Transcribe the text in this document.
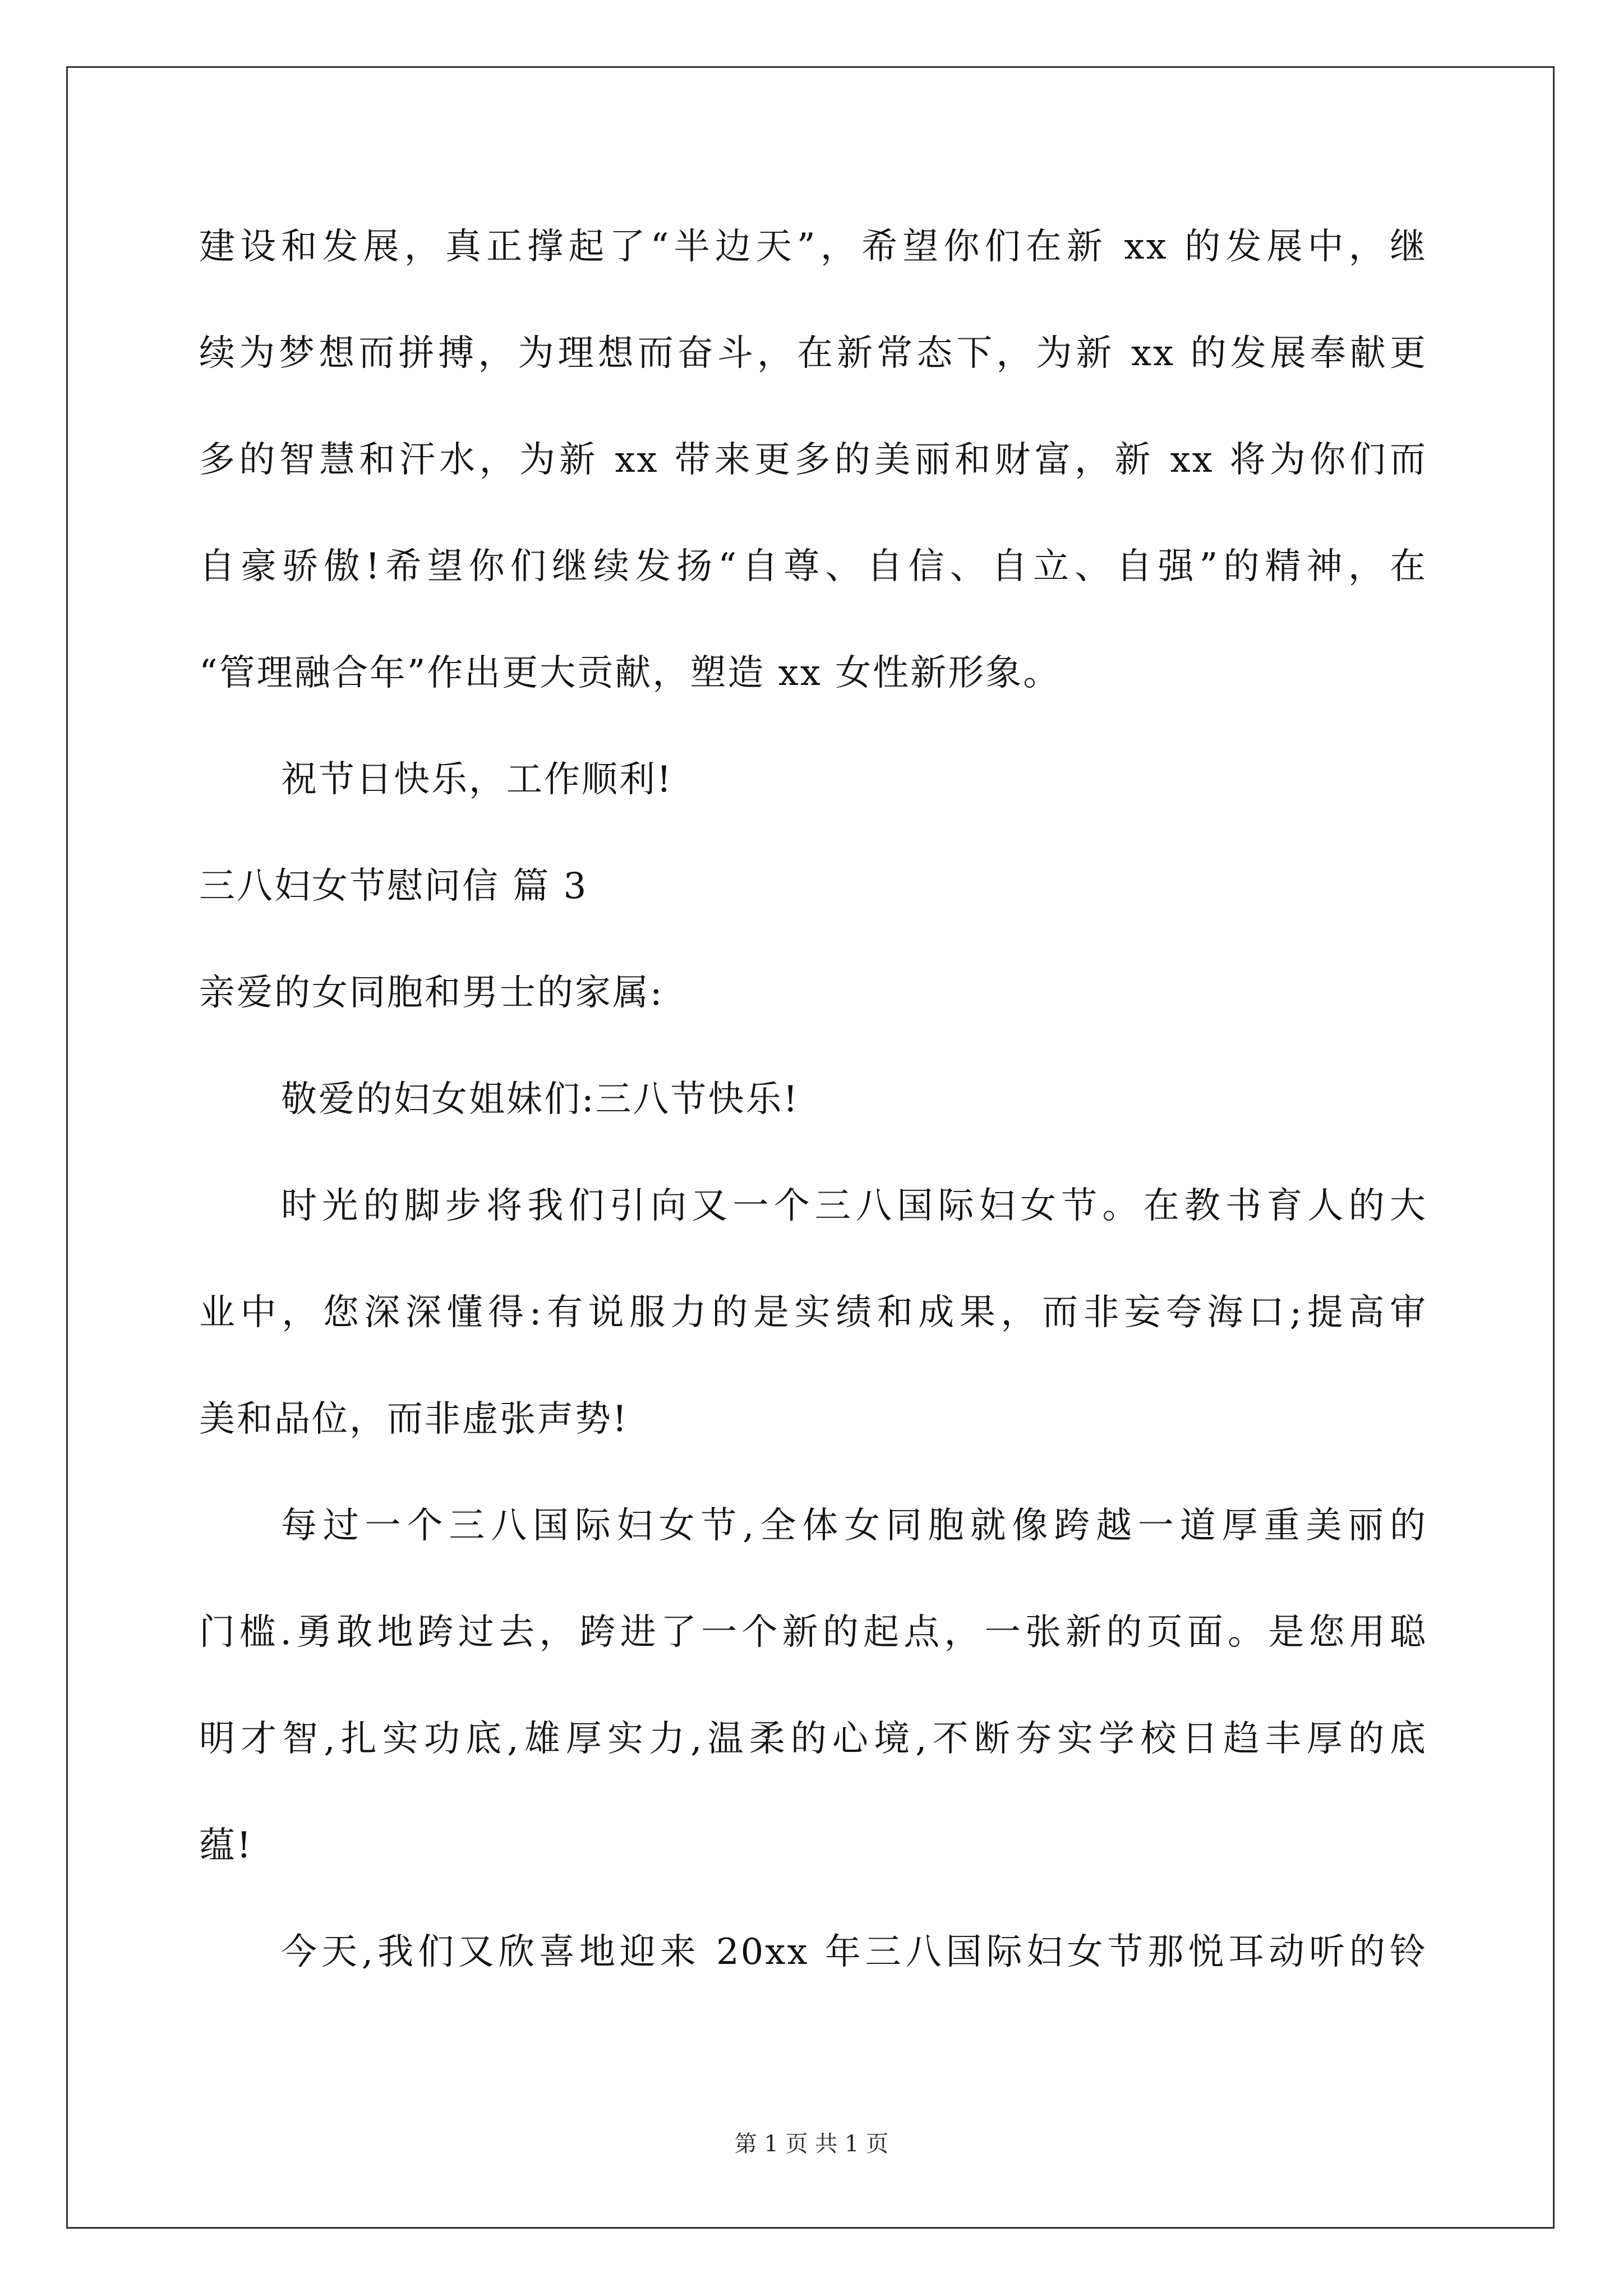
建设和发展，真正撑起了“半边天”，希望你们在新 xx 的发展中，继
续为梦想而拼搏，为理想而奋斗，在新常态下，为新 xx 的发展奉献更
多的智慧和汗水，为新 xx 带来更多的美丽和财富，新 xx 将为你们而
自豪骄傲!希望你们继续发扬“自尊、自信、自立、自强”的精神，在
“管理融合年”作出更大贡献，塑造 xx 女性新形象。
祝节日快乐，工作顺利!
三八妇女节慰问信 篇 3
亲爱的女同胞和男士的家属:
敬爱的妇女姐妹们:三八节快乐!
时光的脚步将我们引向又一个三八国际妇女节。在教书育人的大
业中，您深深懂得:有说服力的是实绩和成果，而非妄夸海口;提高审
美和品位，而非虚张声势!
每过一个三八国际妇女节,全体女同胞就像跨越一道厚重美丽的
门槛.勇敢地跨过去，跨进了一个新的起点，一张新的页面。是您用聪
明才智,扎实功底,雄厚实力,温柔的心境,不断夯实学校日趋丰厚的底
蕴!
今天,我们又欣喜地迎来 20xx 年三八国际妇女节那悦耳动听的铃
第 1 页 共 1 页
